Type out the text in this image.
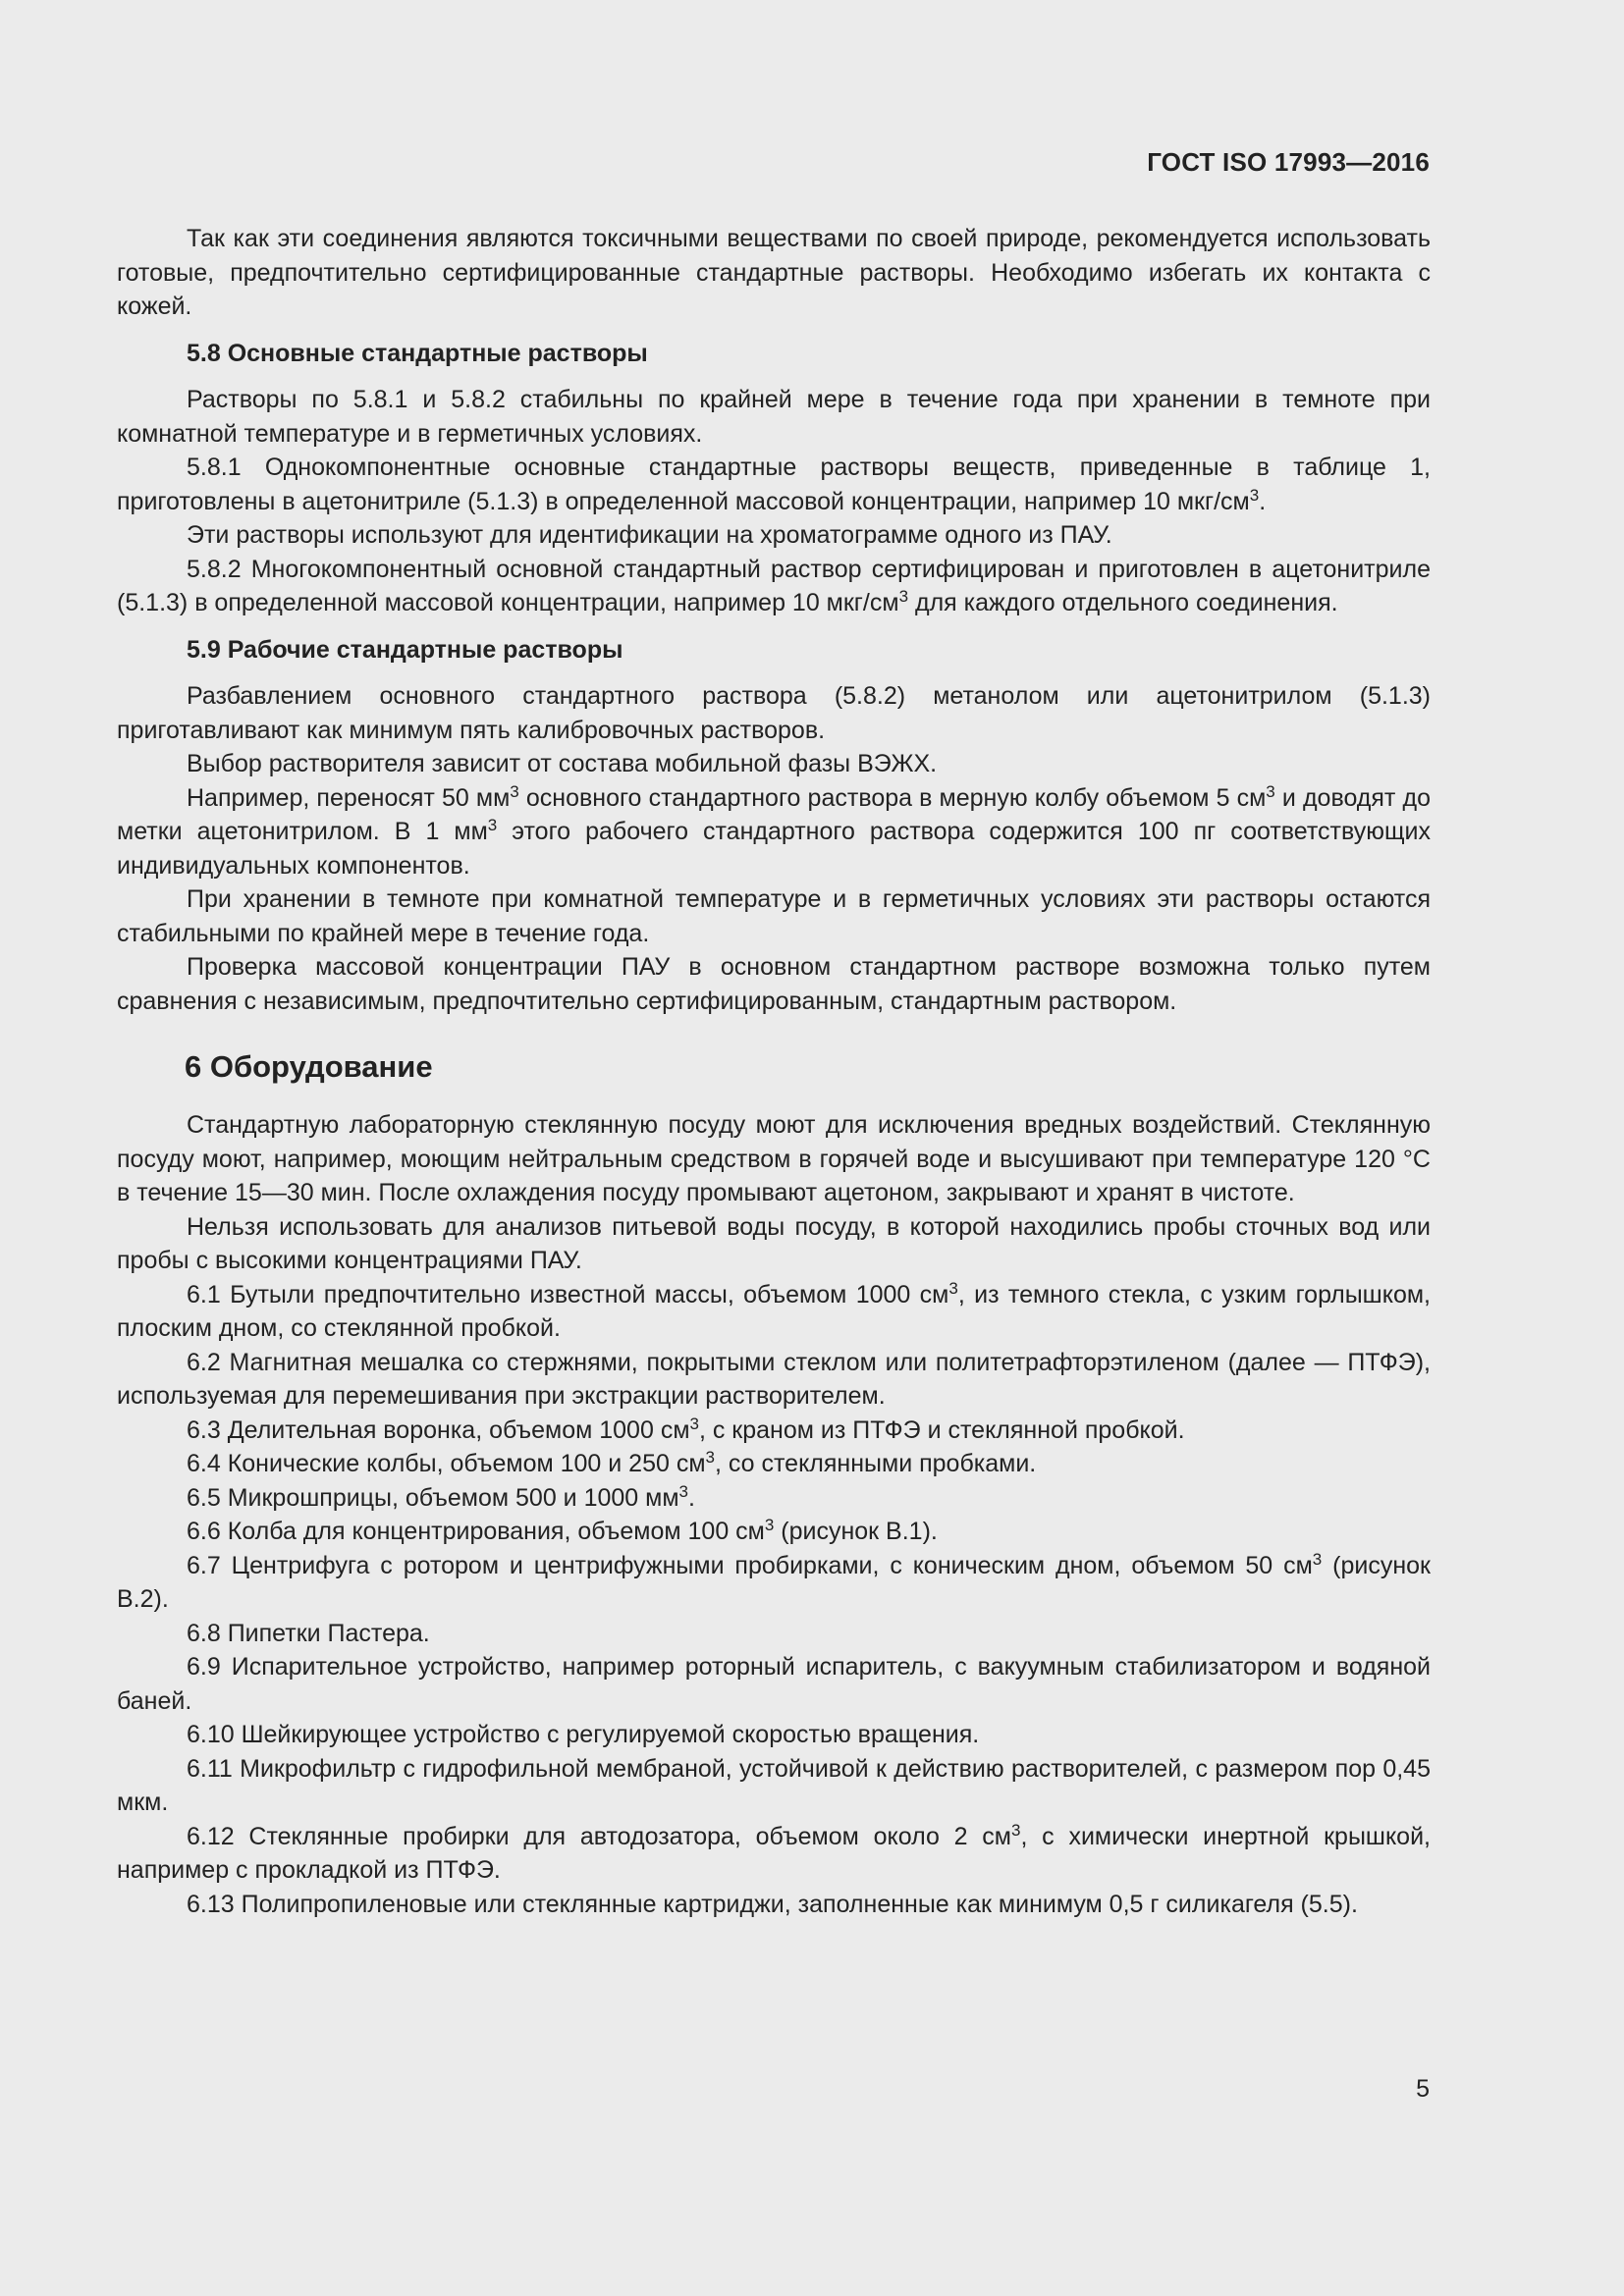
ГОСТ ISO 17993—2016

Так как эти соединения являются токсичными веществами по своей природе, рекомендуется использовать готовые, предпочтительно сертифицированные стандартные растворы. Необходимо избегать их контакта с кожей.

5.8 Основные стандартные растворы

Растворы по 5.8.1 и 5.8.2 стабильны по крайней мере в течение года при хранении в темноте при комнатной температуре и в герметичных условиях.

5.8.1 Однокомпонентные основные стандартные растворы веществ, приведенные в таблице 1, приготовлены в ацетонитриле (5.1.3) в определенной массовой концентрации, например 10 мкг/$см^3$.

Эти растворы используют для идентификации на хроматограмме одного из ПАУ.

5.8.2 Многокомпонентный основной стандартный раствор сертифицирован и приготовлен в ацетонитриле (5.1.3) в определенной массовой концентрации, например 10 мкг/$см^3$ для каждого отдельного соединения.

5.9 Рабочие стандартные растворы

Разбавлением основного стандартного раствора (5.8.2) метанолом или ацетонитрилом (5.1.3) приготавливают как минимум пять калибровочных растворов.

Выбор растворителя зависит от состава мобильной фазы ВЭЖХ.

Например, переносят 50 $мм^3$ основного стандартного раствора в мерную колбу объемом 5 $см^3$ и доводят до метки ацетонитрилом. В 1 $мм^3$ этого рабочего стандартного раствора содержится 100 пг соответствующих индивидуальных компонентов.

При хранении в темноте при комнатной температуре и в герметичных условиях эти растворы остаются стабильными по крайней мере в течение года.

Проверка массовой концентрации ПАУ в основном стандартном растворе возможна только путем сравнения с независимым, предпочтительно сертифицированным, стандартным раствором.

6 Оборудование

Стандартную лабораторную стеклянную посуду моют для исключения вредных воздействий. Стеклянную посуду моют, например, моющим нейтральным средством в горячей воде и высушивают при температуре 120 °С в течение 15—30 мин. После охлаждения посуду промывают ацетоном, закрывают и хранят в чистоте.

Нельзя использовать для анализов питьевой воды посуду, в которой находились пробы сточных вод или пробы с высокими концентрациями ПАУ.

6.1 Бутыли предпочтительно известной массы, объемом 1000 $см^3$, из темного стекла, с узким горлышком, плоским дном, со стеклянной пробкой.

6.2 Магнитная мешалка со стержнями, покрытыми стеклом или политетрафторэтиленом (далее — ПТФЭ), используемая для перемешивания при экстракции растворителем.

6.3 Делительная воронка, объемом 1000 $см^3$, с краном из ПТФЭ и стеклянной пробкой.

6.4 Конические колбы, объемом 100 и 250 $см^3$, со стеклянными пробками.

6.5 Микрошприцы, объемом 500 и 1000 $мм^3$.

6.6 Колба для концентрирования, объемом 100 $см^3$ (рисунок В.1).

6.7 Центрифуга с ротором и центрифужными пробирками, с коническим дном, объемом 50 $см^3$ (рисунок В.2).

6.8 Пипетки Пастера.

6.9 Испарительное устройство, например роторный испаритель, с вакуумным стабилизатором и водяной баней.

6.10 Шейкирующее устройство с регулируемой скоростью вращения.

6.11 Микрофильтр с гидрофильной мембраной, устойчивой к действию растворителей, с размером пор 0,45 мкм.

6.12 Стеклянные пробирки для автодозатора, объемом около 2 $см^3$, с химически инертной крышкой, например с прокладкой из ПТФЭ.

6.13 Полипропиленовые или стеклянные картриджи, заполненные как минимум 0,5 г силикагеля (5.5).

5
